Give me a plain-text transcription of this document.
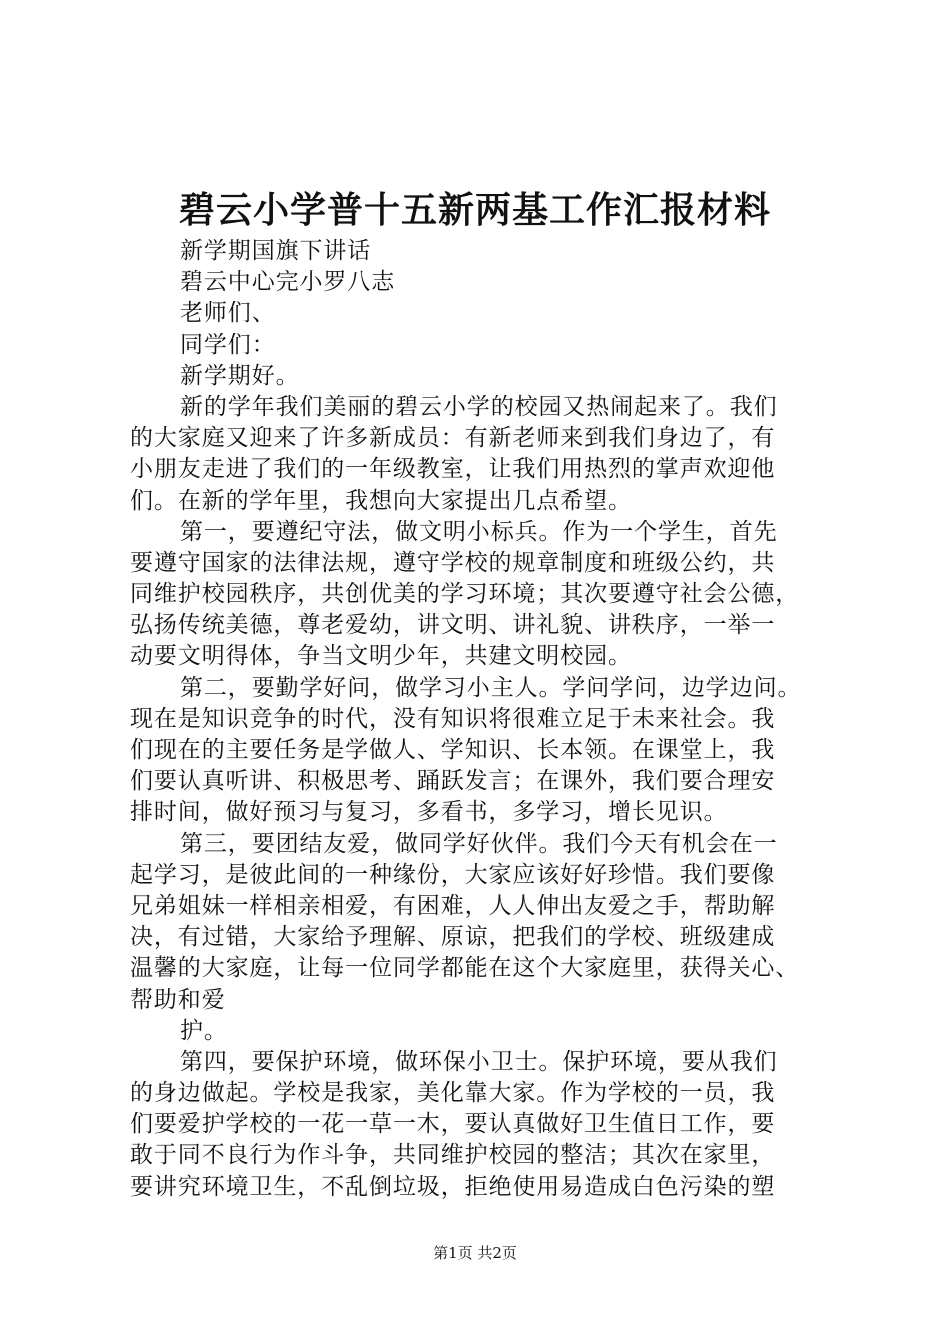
碧云小学普十五新两基工作汇报材料
新学期国旗下讲话
碧云中心完小罗八志
老师们、
同学们：
新学期好。
新的学年我们美丽的碧云小学的校园又热闹起来了。我们
的大家庭又迎来了许多新成员：有新老师来到我们身边了，有
小朋友走进了我们的一年级教室，让我们用热烈的掌声欢迎他
们。在新的学年里，我想向大家提出几点希望。
第一，要遵纪守法，做文明小标兵。作为一个学生，首先
要遵守国家的法律法规，遵守学校的规章制度和班级公约，共
同维护校园秩序，共创优美的学习环境；其次要遵守社会公德，
弘扬传统美德，尊老爱幼，讲文明、讲礼貌、讲秩序，一举一
动要文明得体，争当文明少年，共建文明校园。
第二，要勤学好问，做学习小主人。学问学问，边学边问。
现在是知识竞争的时代，没有知识将很难立足于未来社会。我
们现在的主要任务是学做人、学知识、长本领。在课堂上，我
们要认真听讲、积极思考、踊跃发言；在课外，我们要合理安
排时间，做好预习与复习，多看书，多学习，增长见识。
第三，要团结友爱，做同学好伙伴。我们今天有机会在一
起学习，是彼此间的一种缘份，大家应该好好珍惜。我们要像
兄弟姐妹一样相亲相爱，有困难，人人伸出友爱之手，帮助解
决，有过错，大家给予理解、原谅，把我们的学校、班级建成
温馨的大家庭，让每一位同学都能在这个大家庭里，获得关心、
帮助和爱
护。
第四，要保护环境，做环保小卫士。保护环境，要从我们
的身边做起。学校是我家，美化靠大家。作为学校的一员，我
们要爱护学校的一花一草一木，要认真做好卫生值日工作，要
敢于同不良行为作斗争，共同维护校园的整洁；其次在家里，
要讲究环境卫生，不乱倒垃圾，拒绝使用易造成白色污染的塑
第1页 共2页
